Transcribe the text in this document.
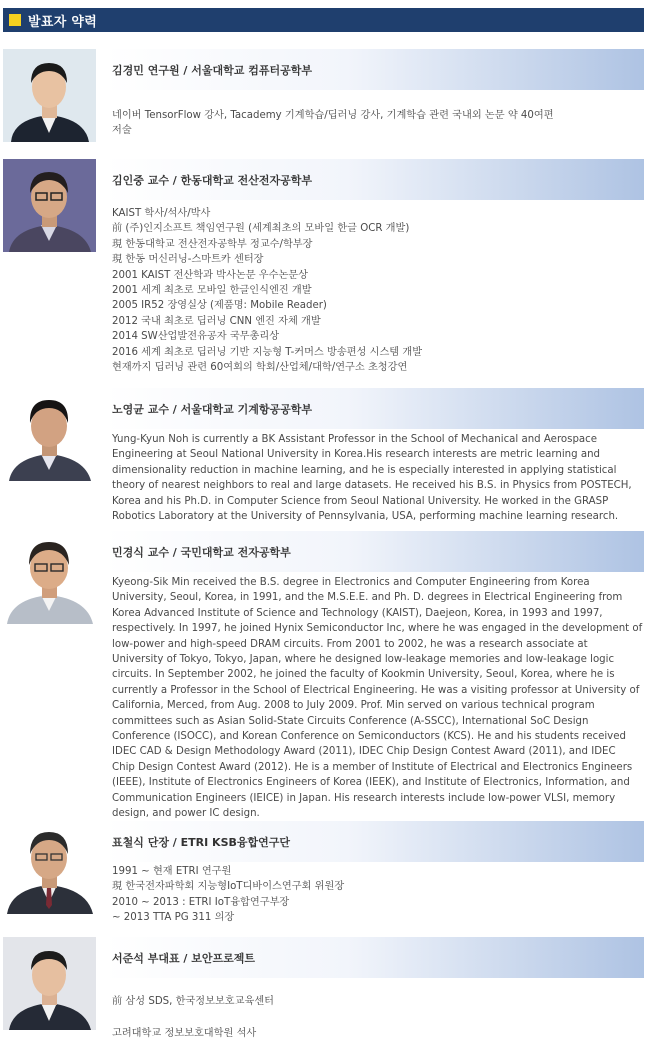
발표자 약력
김경민 연구원 / 서울대학교 컴퓨터공학부
네이버 TensorFlow 강사, Tacademy 기계학습/딥러닝 강사, 기계학습 관련 국내외 논문 약 40여편
저술
김인중 교수 / 한동대학교 전산전자공학부
KAIST 학사/석사/박사
前 (주)인지소프트 책임연구원 (세계최초의 모바일 한글 OCR 개발)
現 한동대학교 전산전자공학부 정교수/학부장
現 한동 머신러닝-스마트카 센터장
2001 KAIST 전산학과 박사논문 우수논문상
2001 세계 최초로 모바일 한글인식엔진 개발
2005 IR52 장영실상 (제품명: Mobile Reader)
2012 국내 최초로 딥러닝 CNN 엔진 자체 개발
2014 SW산업발전유공자 국무총리상
2016 세계 최초로 딥러닝 기반 지능형 T-커머스 방송편성 시스템 개발
현재까지 딥러닝 관련 60여회의 학회/산업체/대학/연구소 초청강연
노영균 교수 / 서울대학교 기계항공공학부
Yung-Kyun Noh is currently a BK Assistant Professor in the School of Mechanical and Aerospace
Engineering at Seoul National University in Korea.His research interests are metric learning and
dimensionality reduction in machine learning, and he is especially interested in applying statistical
theory of nearest neighbors to real and large datasets. He received his B.S. in Physics from POSTECH,
Korea and his Ph.D. in Computer Science from Seoul National University. He worked in the GRASP
Robotics Laboratory at the University of Pennsylvania, USA, performing machine learning research.
민경식 교수 / 국민대학교 전자공학부
Kyeong-Sik Min received the B.S. degree in Electronics and Computer Engineering from Korea
University, Seoul, Korea, in 1991, and the M.S.E.E. and Ph. D. degrees in Electrical Engineering from
Korea Advanced Institute of Science and Technology (KAIST), Daejeon, Korea, in 1993 and 1997,
respectively. In 1997, he joined Hynix Semiconductor Inc, where he was engaged in the development of
low-power and high-speed DRAM circuits. From 2001 to 2002, he was a research associate at
University of Tokyo, Tokyo, Japan, where he designed low-leakage memories and low-leakage logic
circuits. In September 2002, he joined the faculty of Kookmin University, Seoul, Korea, where he is
currently a Professor in the School of Electrical Engineering. He was a visiting professor at University of
California, Merced, from Aug. 2008 to July 2009. Prof. Min served on various technical program
committees such as Asian Solid-State Circuits Conference (A-SSCC), International SoC Design
Conference (ISOCC), and Korean Conference on Semiconductors (KCS). He and his students received
IDEC CAD & Design Methodology Award (2011), IDEC Chip Design Contest Award (2011), and IDEC
Chip Design Contest Award (2012). He is a member of Institute of Electrical and Electronics Engineers
(IEEE), Institute of Electronics Engineers of Korea (IEEK), and Institute of Electronics, Information, and
Communication Engineers (IEICE) in Japan. His research interests include low-power VLSI, memory
design, and power IC design.
표철식 단장 / ETRI KSB융합연구단
1991 ~ 현재 ETRI 연구원
現 한국전자파학회 지능형IoT디바이스연구회 위원장
2010 ~ 2013 : ETRI IoT융합연구부장
~ 2013 TTA PG 311 의장
서준석 부대표 / 보안프로젝트
前 삼성 SDS, 한국정보보호교육센터
고려대학교 정보보호대학원 석사
